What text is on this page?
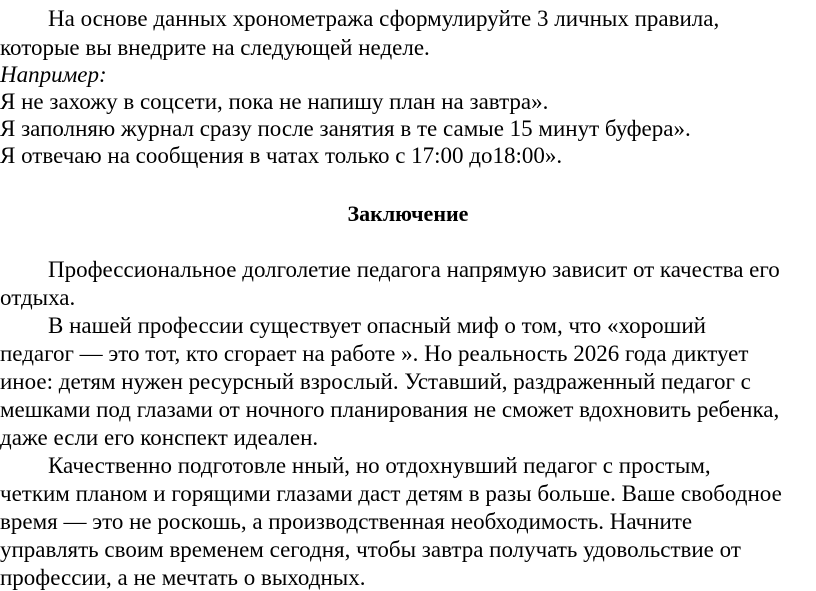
На основе данных хронометража сформулируйте 3 личных правила,
которые вы внедрите на следующей неделе.
Например:
Я не захожу в соцсети, пока не напишу план на завтра».
Я заполняю журнал сразу после занятия в те самые 15 минут буфера».
Я отвечаю на сообщения в чатах только с 17:00 до18:00».
Заключение
Профессиональное долголетие педагога напрямую зависит от качества его
отдыха.
В нашей профессии существует опасный миф о том, что «хороший
педагог — это тот, кто сгорает на работе ». Но реальность 2026 года диктует
иное: детям нужен ресурсный взрослый. Уставший, раздраженный педагог с
мешками под глазами от ночного планирования не сможет вдохновить ребенка,
даже если его конспект идеален.
Качественно подготовле нный, но отдохнувший педагог с простым,
четким планом и горящими глазами даст детям в разы больше. Ваше свободное
время — это не роскошь, а производственная необходимость. Начните
управлять своим временем сегодня, чтобы завтра получать удовольствие от
профессии, а не мечтать о выходных.
